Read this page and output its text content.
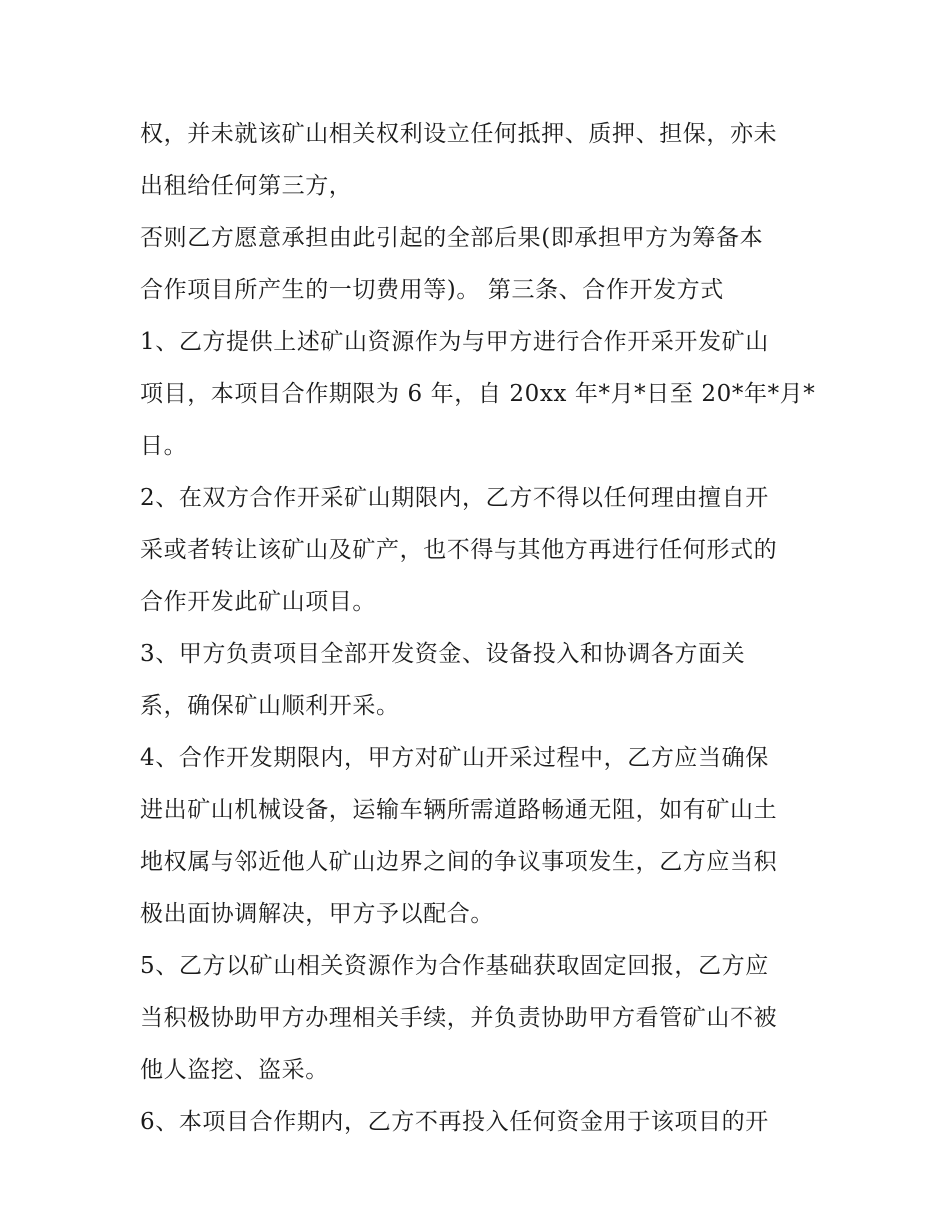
权，并未就该矿山相关权利设立任何抵押、质押、担保，亦未
出租给任何第三方，
否则乙方愿意承担由此引起的全部后果(即承担甲方为筹备本
合作项目所产生的一切费用等)。 第三条、合作开发方式
1、乙方提供上述矿山资源作为与甲方进行合作开采开发矿山
项目，本项目合作期限为 6 年，自 20xx 年*月*日至 20*年*月*
日。
2、在双方合作开采矿山期限内，乙方不得以任何理由擅自开
采或者转让该矿山及矿产，也不得与其他方再进行任何形式的
合作开发此矿山项目。
3、甲方负责项目全部开发资金、设备投入和协调各方面关
系，确保矿山顺利开采。
4、合作开发期限内，甲方对矿山开采过程中，乙方应当确保
进出矿山机械设备，运输车辆所需道路畅通无阻，如有矿山土
地权属与邻近他人矿山边界之间的争议事项发生，乙方应当积
极出面协调解决，甲方予以配合。
5、乙方以矿山相关资源作为合作基础获取固定回报，乙方应
当积极协助甲方办理相关手续，并负责协助甲方看管矿山不被
他人盗挖、盗采。
6、本项目合作期内，乙方不再投入任何资金用于该项目的开
